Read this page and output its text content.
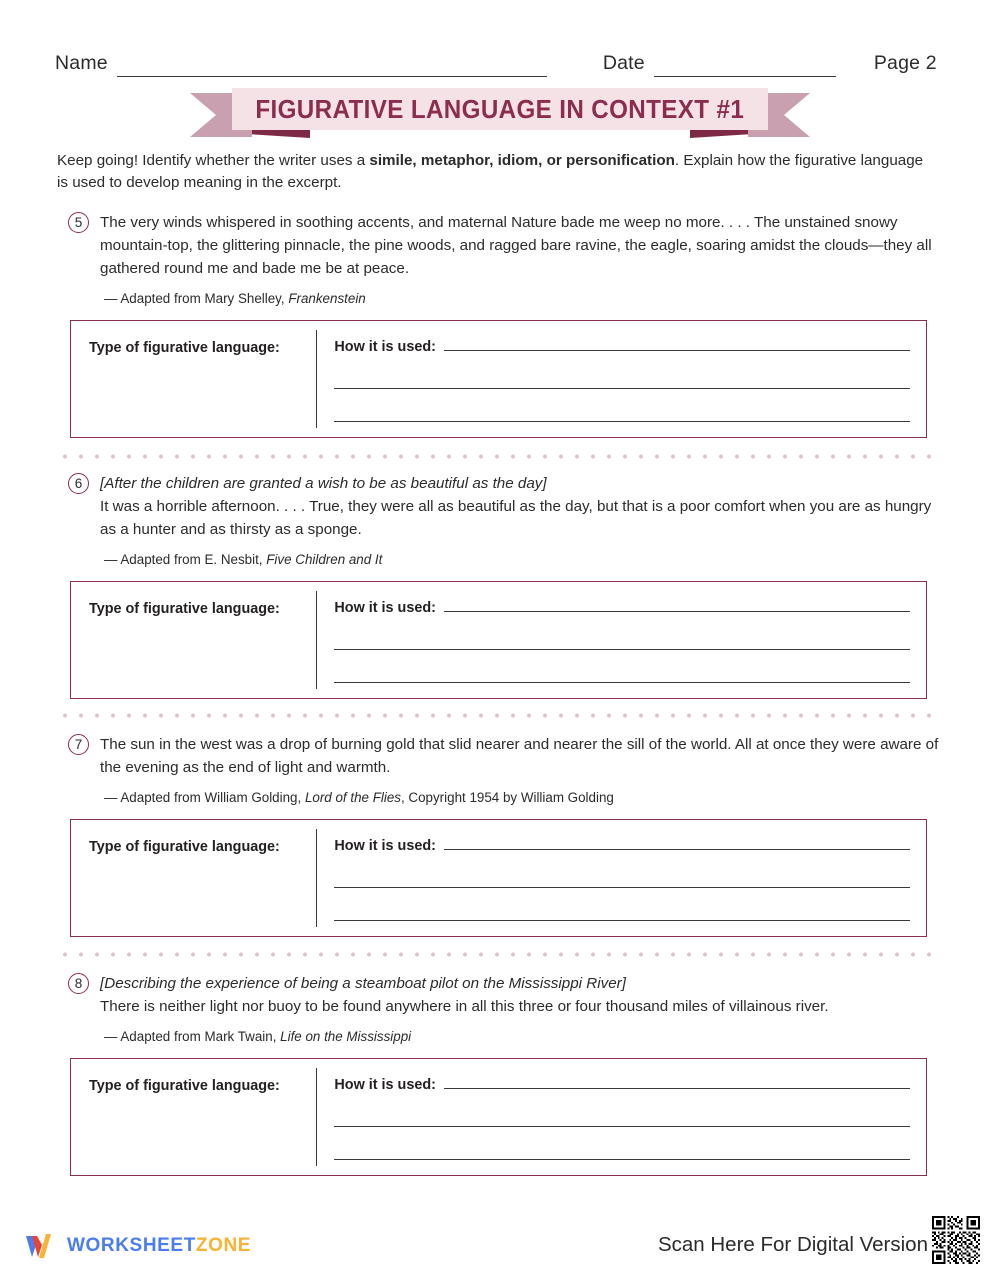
Name	Date	Page 2
FIGURATIVE LANGUAGE IN CONTEXT #1
Keep going! Identify whether the writer uses a simile, metaphor, idiom, or personification. Explain how the figurative language is used to develop meaning in the excerpt.
5	The very winds whispered in soothing accents, and maternal Nature bade me weep no more. . . . The unstained snowy mountain-top, the glittering pinnacle, the pine woods, and ragged bare ravine, the eagle, soaring amidst the clouds—they all gathered round me and bade me be at peace.
— Adapted from Mary Shelley, Frankenstein
Type of figurative language:	How it is used:
6	[After the children are granted a wish to be as beautiful as the day]
It was a horrible afternoon. . . . True, they were all as beautiful as the day, but that is a poor comfort when you are as hungry as a hunter and as thirsty as a sponge.
— Adapted from E. Nesbit, Five Children and It
Type of figurative language:	How it is used:
7	The sun in the west was a drop of burning gold that slid nearer and nearer the sill of the world. All at once they were aware of the evening as the end of light and warmth.
— Adapted from William Golding, Lord of the Flies, Copyright 1954 by William Golding
Type of figurative language:	How it is used:
8	[Describing the experience of being a steamboat pilot on the Mississippi River]
There is neither light nor buoy to be found anywhere in all this three or four thousand miles of villainous river.
— Adapted from Mark Twain, Life on the Mississippi
Type of figurative language:	How it is used:
WORKSHEETZONE	Scan Here For Digital Version
